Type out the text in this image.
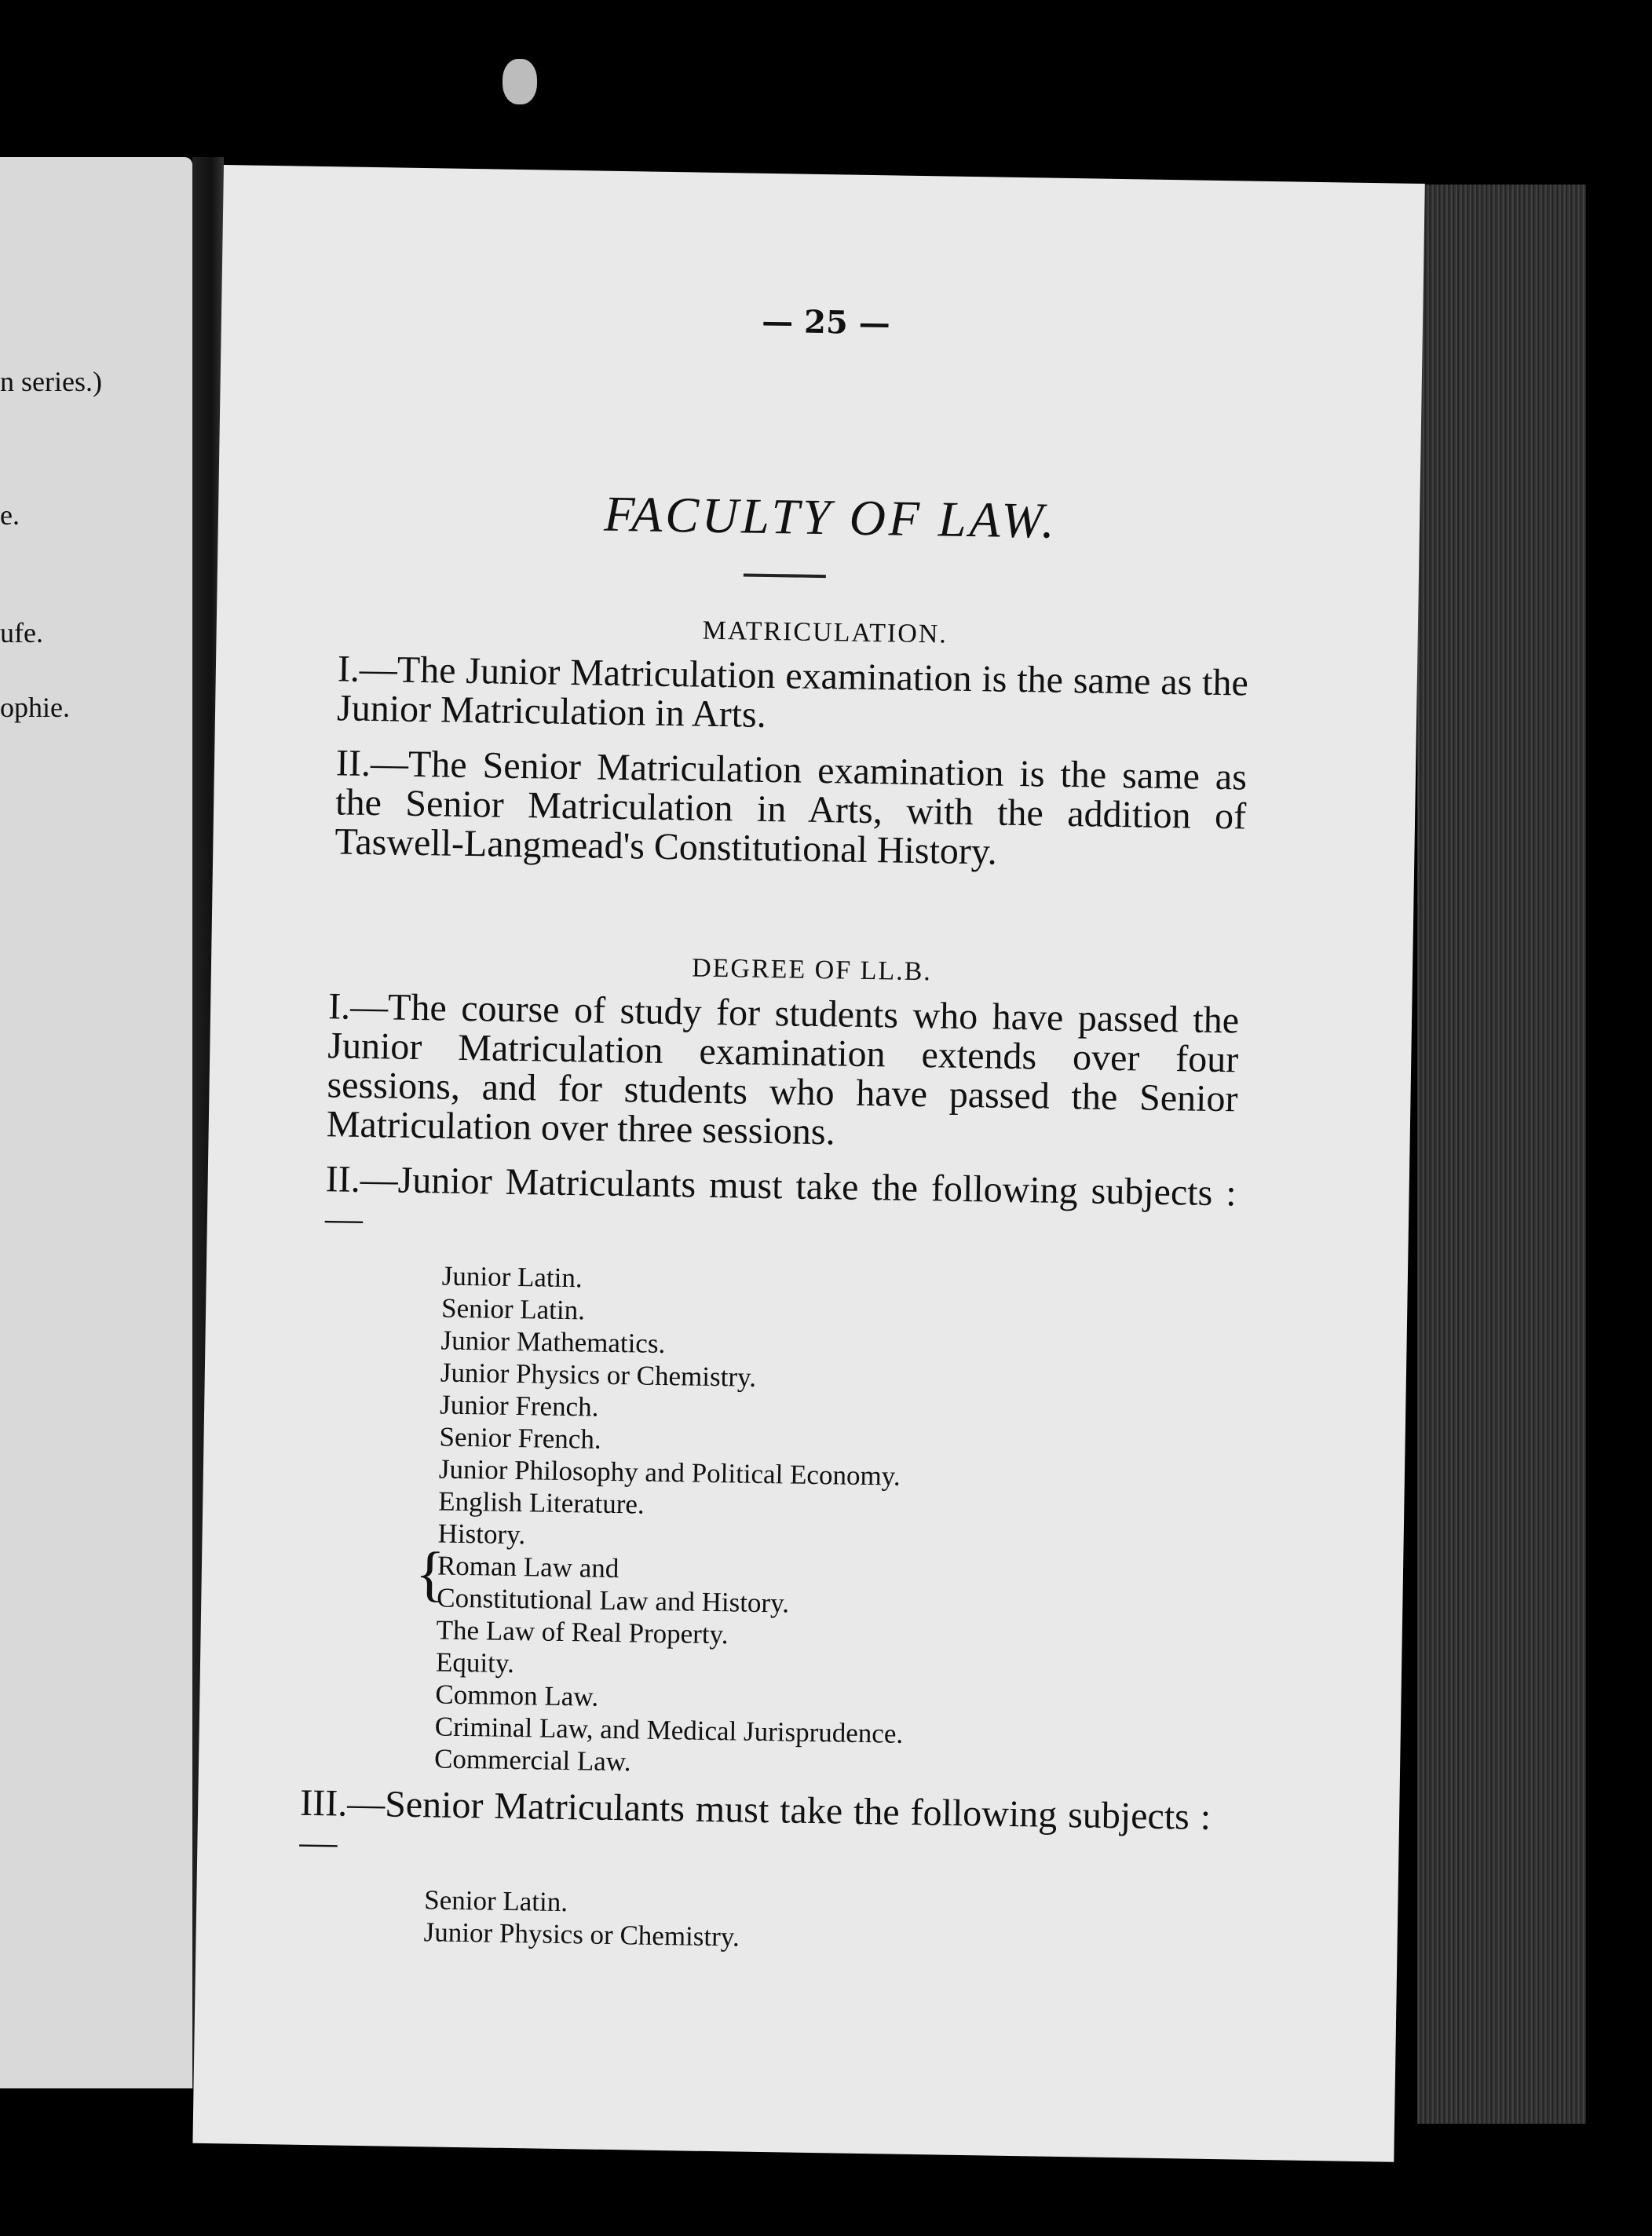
n series.)
e.
ufe.
ophie.
— 25 —
FACULTY OF LAW.
MATRICULATION.
I.—The Junior Matriculation examination is the same as the Junior Matriculation in Arts.
II.—The Senior Matriculation examination is the same as the Senior Matriculation in Arts, with the addition of Taswell-Langmead's Constitutional History.
DEGREE OF LL.B.
I.—The course of study for students who have passed the Junior Matriculation examination extends over four sessions, and for students who have passed the Senior Matriculation over three sessions.
II.—Junior Matriculants must take the following subjects :—
Junior Latin.
Senior Latin.
Junior Mathematics.
Junior Physics or Chemistry.
Junior French.
Senior French.
Junior Philosophy and Political Economy.
English Literature.
History.
Roman Law and
Constitutional Law and History.
The Law of Real Property.
Equity.
Common Law.
Criminal Law, and Medical Jurisprudence.
Commercial Law.
{
III.—Senior Matriculants must take the following subjects :—
Senior Latin.
Junior Physics or Chemistry.
